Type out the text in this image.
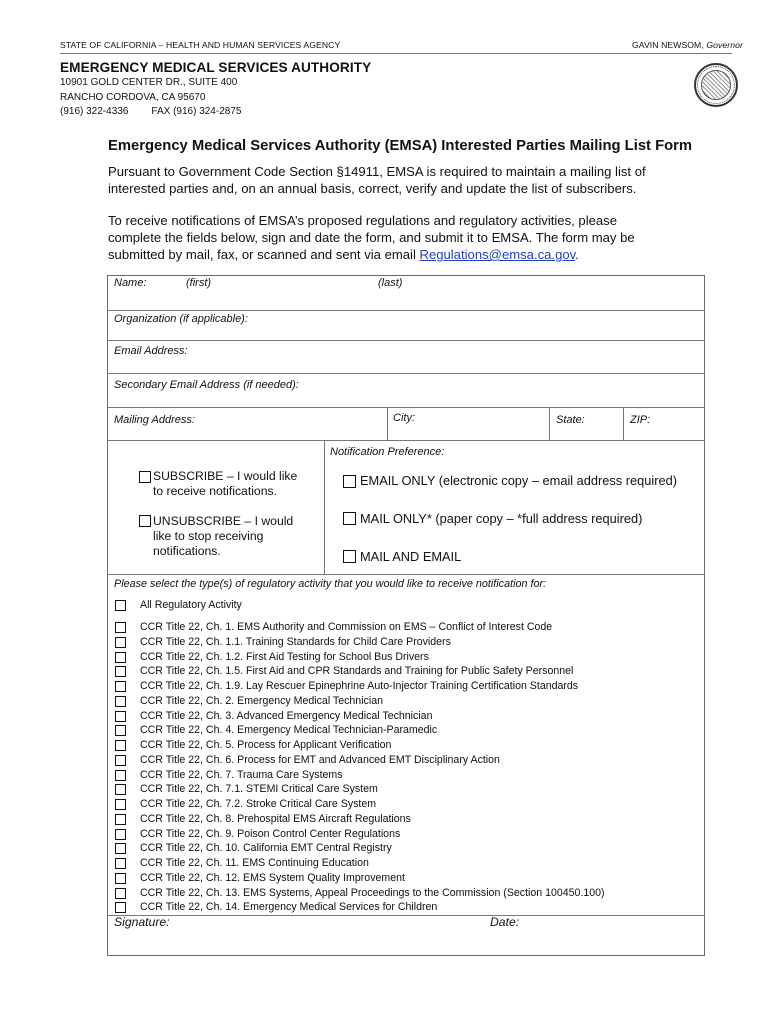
STATE OF CALIFORNIA – HEALTH AND HUMAN SERVICES AGENCY	GAVIN NEWSOM, Governor
EMERGENCY MEDICAL SERVICES AUTHORITY
10901 GOLD CENTER DR., SUITE 400
RANCHO CORDOVA, CA 95670
(916) 322-4336 FAX (916) 324-2875
Emergency Medical Services Authority (EMSA) Interested Parties Mailing List Form
Pursuant to Government Code Section §14911, EMSA is required to maintain a mailing list of
interested parties and, on an annual basis, correct, verify and update the list of subscribers.
To receive notifications of EMSA’s proposed regulations and regulatory activities, please
complete the fields below, sign and date the form, and submit it to EMSA. The form may be
submitted by mail, fax, or scanned and sent via email Regulations@emsa.ca.gov.
Name:	(first)	(last)
Organization (if applicable):
Email Address:
Secondary Email Address (if needed):
Mailing Address:	City:	State:	ZIP:
Notification Preference:
SUBSCRIBE – I would like
to receive notifications.
UNSUBSCRIBE – I would
like to stop receiving
notifications.
EMAIL ONLY (electronic copy – email address required)
MAIL ONLY* (paper copy – *full address required)
MAIL AND EMAIL
Please select the type(s) of regulatory activity that you would like to receive notification for:
All Regulatory Activity
CCR Title 22, Ch. 1. EMS Authority and Commission on EMS – Conflict of Interest Code
CCR Title 22, Ch. 1.1. Training Standards for Child Care Providers
CCR Title 22, Ch. 1.2. First Aid Testing for School Bus Drivers
CCR Title 22, Ch. 1.5. First Aid and CPR Standards and Training for Public Safety Personnel
CCR Title 22, Ch. 1.9. Lay Rescuer Epinephrine Auto-Injector Training Certification Standards
CCR Title 22, Ch. 2. Emergency Medical Technician
CCR Title 22, Ch. 3. Advanced Emergency Medical Technician
CCR Title 22, Ch. 4. Emergency Medical Technician-Paramedic
CCR Title 22, Ch. 5. Process for Applicant Verification
CCR Title 22, Ch. 6. Process for EMT and Advanced EMT Disciplinary Action
CCR Title 22, Ch. 7. Trauma Care Systems
CCR Title 22, Ch. 7.1. STEMI Critical Care System
CCR Title 22, Ch. 7.2. Stroke Critical Care System
CCR Title 22, Ch. 8. Prehospital EMS Aircraft Regulations
CCR Title 22, Ch. 9. Poison Control Center Regulations
CCR Title 22, Ch. 10. California EMT Central Registry
CCR Title 22, Ch. 11. EMS Continuing Education
CCR Title 22, Ch. 12. EMS System Quality Improvement
CCR Title 22, Ch. 13. EMS Systems, Appeal Proceedings to the Commission (Section 100450.100)
CCR Title 22, Ch. 14. Emergency Medical Services for Children
Signature:	Date:
